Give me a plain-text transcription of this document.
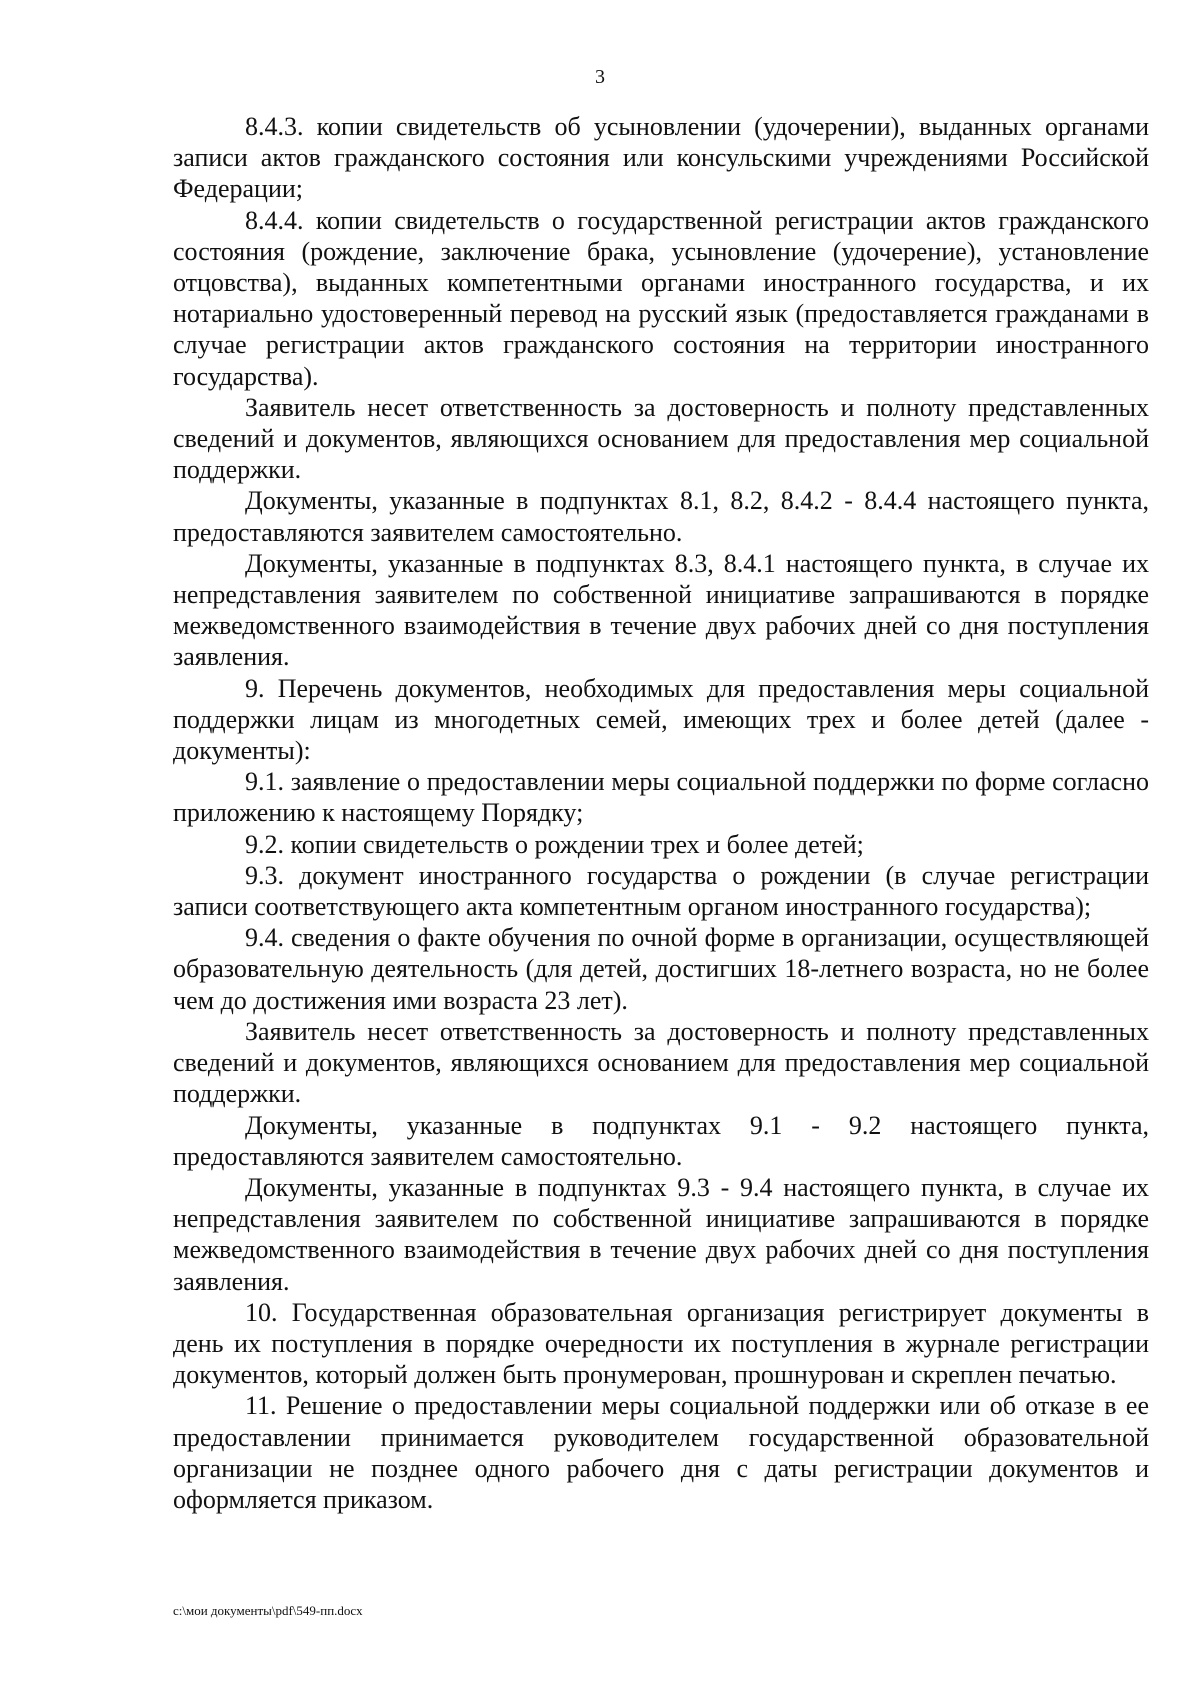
3

8.4.3. копии свидетельств об усыновлении (удочерении), выданных органами записи актов гражданского состояния или консульскими учреждениями Российской Федерации;

8.4.4. копии свидетельств о государственной регистрации актов гражданского состояния (рождение, заключение брака, усыновление (удочерение), установление отцовства), выданных компетентными органами иностранного государства, и их нотариально удостоверенный перевод на русский язык (предоставляется гражданами в случае регистрации актов гражданского состояния на территории иностранного государства).

Заявитель несет ответственность за достоверность и полноту представленных сведений и документов, являющихся основанием для предоставления мер социальной поддержки.

Документы, указанные в подпунктах 8.1, 8.2, 8.4.2 - 8.4.4 настоящего пункта, предоставляются заявителем самостоятельно.

Документы, указанные в подпунктах 8.3, 8.4.1 настоящего пункта, в случае их непредставления заявителем по собственной инициативе запрашиваются в порядке межведомственного взаимодействия в течение двух рабочих дней со дня поступления заявления.

9. Перечень документов, необходимых для предоставления меры социальной поддержки лицам из многодетных семей, имеющих трех и более детей (далее - документы):

9.1. заявление о предоставлении меры социальной поддержки по форме согласно приложению к настоящему Порядку;

9.2. копии свидетельств о рождении трех и более детей;

9.3. документ иностранного государства о рождении (в случае регистрации записи соответствующего акта компетентным органом иностранного государства);

9.4. сведения о факте обучения по очной форме в организации, осуществляющей образовательную деятельность (для детей, достигших 18-летнего возраста, но не более чем до достижения ими возраста 23 лет).

Заявитель несет ответственность за достоверность и полноту представленных сведений и документов, являющихся основанием для предоставления мер социальной поддержки.

Документы, указанные в подпунктах 9.1 - 9.2 настоящего пункта, предоставляются заявителем самостоятельно.

Документы, указанные в подпунктах 9.3 - 9.4 настоящего пункта, в случае их непредставления заявителем по собственной инициативе запрашиваются в порядке межведомственного взаимодействия в течение двух рабочих дней со дня поступления заявления.

10. Государственная образовательная организация регистрирует документы в день их поступления в порядке очередности их поступления в журнале регистрации документов, который должен быть пронумерован, прошнурован и скреплен печатью.

11. Решение о предоставлении меры социальной поддержки или об отказе в ее предоставлении принимается руководителем государственной образовательной организации не позднее одного рабочего дня с даты регистрации документов и оформляется приказом.

c:\мои документы\pdf\549-пп.docx
